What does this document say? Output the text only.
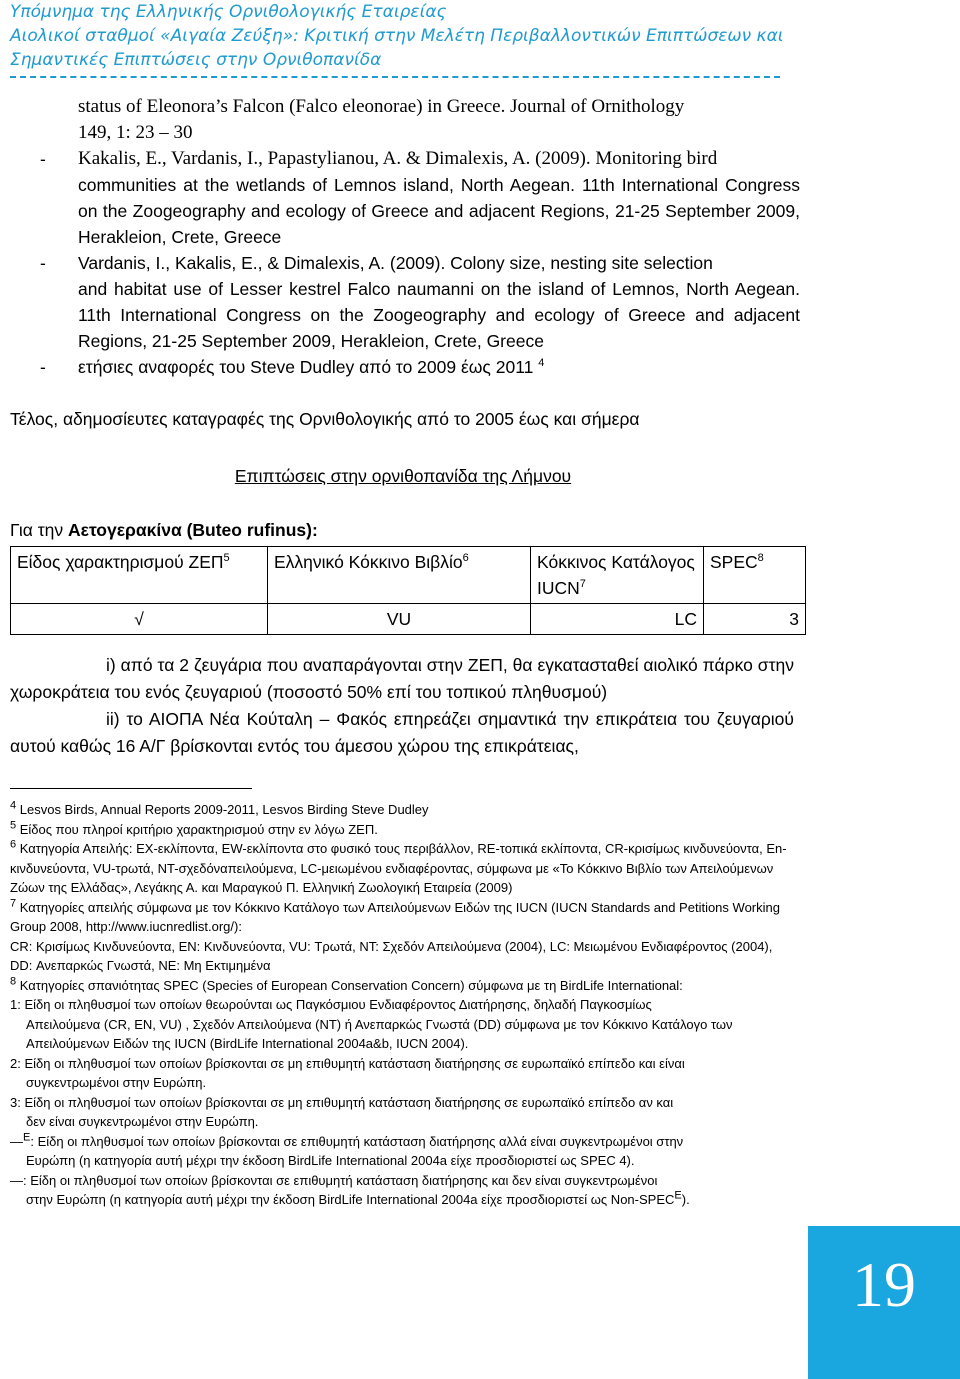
Υπόμνημα της Ελληνικής Ορνιθολογικής Εταιρείας
Αιολικοί σταθμοί «Αιγαία Ζεύξη»: Κριτική στην Μελέτη Περιβαλλοντικών Επιπτώσεων και
Σημαντικές Επιπτώσεις στην Ορνιθοπανίδα
status of Eleonora’s Falcon (Falco eleonorae) in Greece. Journal of Ornithology
149, 1: 23 – 30
-	Kakalis, E., Vardanis, I., Papastylianou, A. & Dimalexis, A. (2009). Monitoring bird
communities at the wetlands of Lemnos island, North Aegean. 11th International Congress on the Zoogeography and ecology of Greece and adjacent Regions, 21-25 September 2009, Herakleion, Crete, Greece
-	Vardanis, I., Kakalis, E., & Dimalexis, A. (2009). Colony size, nesting site selection
and habitat use of Lesser kestrel Falco naumanni on the island of Lemnos, North Aegean. 11th International Congress on the Zoogeography and ecology of Greece and adjacent Regions, 21-25 September 2009, Herakleion, Crete, Greece
-	ετήσιες αναφορές του Steve Dudley από το 2009 έως 2011 $^4$
Τέλος, αδημοσίευτες καταγραφές της Ορνιθολογικής από το 2005 έως και σήμερα
Επιπτώσεις στην ορνιθοπανίδα της Λήμνου
Για την Αετογερακίνα (Buteo rufinus):
Είδος χαρακτηρισμού ΖΕΠ$^5$	Ελληνικό Κόκκινο Βιβλίο$^6$	Κόκκινος Κατάλογος IUCN$^7$	SPEC$^8$
√	VU	LC	3
i) από τα 2 ζευγάρια που αναπαράγονται στην ΖΕΠ, θα εγκατασταθεί αιολικό πάρκο στην χωροκράτεια του ενός ζευγαριού (ποσοστό 50% επί του τοπικού πληθυσμού)
ii) το ΑΙΟΠΑ Νέα Κούταλη – Φακός επηρεάζει σημαντικά την επικράτεια του ζευγαριού αυτού καθώς 16 Α/Γ βρίσκονται εντός του άμεσου χώρου της επικράτειας,

$^4$ Lesvos Birds, Annual Reports 2009-2011, Lesvos Birding Steve Dudley

$^5$ Είδος που πληροί κριτήριο χαρακτηρισμού στην εν λόγω ΖΕΠ.

$^6$ Κατηγορία Απειλής: ΕΧ-εκλίποντα, EW-εκλίποντα στο φυσικό τους περιβάλλον, RE-τοπικά εκλίποντα, CR-κρισίμως κινδυνεύοντα, En-κινδυνεύοντα, VU-τρωτά, NT-σχεδόναπειλούμενα, LC-μειωμένου ενδιαφέροντας, σύμφωνα με «Το Κόκκινο Βιβλίο των Απειλούμενων Ζώων της Ελλάδας», Λεγάκης Α. και Μαραγκού Π. Ελληνική Ζωολογική Εταιρεία (2009)

$^7$ Κατηγορίες απειλής σύμφωνα με τον Κόκκινο Κατάλογο των Απειλούμενων Ειδών της IUCN (IUCN Standards and Petitions Working Group 2008, http://www.iucnredlist.org/):

CR: Κρισίμως Κινδυνεύοντα, EN: Κινδυνεύοντα, VU: Τρωτά, NT: Σχεδόν Απειλούμενα (2004), LC: Μειωμένου Ενδιαφέροντος (2004), DD: Ανεπαρκώς Γνωστά, NE: Μη Εκτιμημένα

$^8$ Κατηγορίες σπανιότητας SPEC (Species of European Conservation Concern) σύμφωνα με τη BirdLife International:

1: Είδη οι πληθυσμοί των οποίων θεωρούνται ως Παγκόσμιου Ενδιαφέροντος Διατήρησης, δηλαδή Παγκοσμίως
Απειλούμενα (CR, EN, VU) , Σχεδόν Απειλούμενα (NT) ή Ανεπαρκώς Γνωστά (DD) σύμφωνα με τον Κόκκινο Κατάλογο των Απειλούμενων Ειδών της IUCN (BirdLife International 2004a&b, IUCN 2004).

2: Είδη οι πληθυσμοί των οποίων βρίσκονται σε μη επιθυμητή κατάσταση διατήρησης σε ευρωπαϊκό επίπεδο και είναι
συγκεντρωμένοι στην Ευρώπη.

3: Είδη οι πληθυσμοί των οποίων βρίσκονται σε μη επιθυμητή κατάσταση διατήρησης σε ευρωπαϊκό επίπεδο αν και
δεν είναι συγκεντρωμένοι στην Ευρώπη.

—$^E$: Είδη οι πληθυσμοί των οποίων βρίσκονται σε επιθυμητή κατάσταση διατήρησης αλλά είναι συγκεντρωμένοι στην
Ευρώπη (η κατηγορία αυτή μέχρι την έκδοση BirdLife International 2004a είχε προσδιοριστεί ως SPEC 4).

—: Είδη οι πληθυσμοί των οποίων βρίσκονται σε επιθυμητή κατάσταση διατήρησης και δεν είναι συγκεντρωμένοι
στην Ευρώπη (η κατηγορία αυτή μέχρι την έκδοση BirdLife International 2004a είχε προσδιοριστεί ως Non-$SPEC^E$).

19
